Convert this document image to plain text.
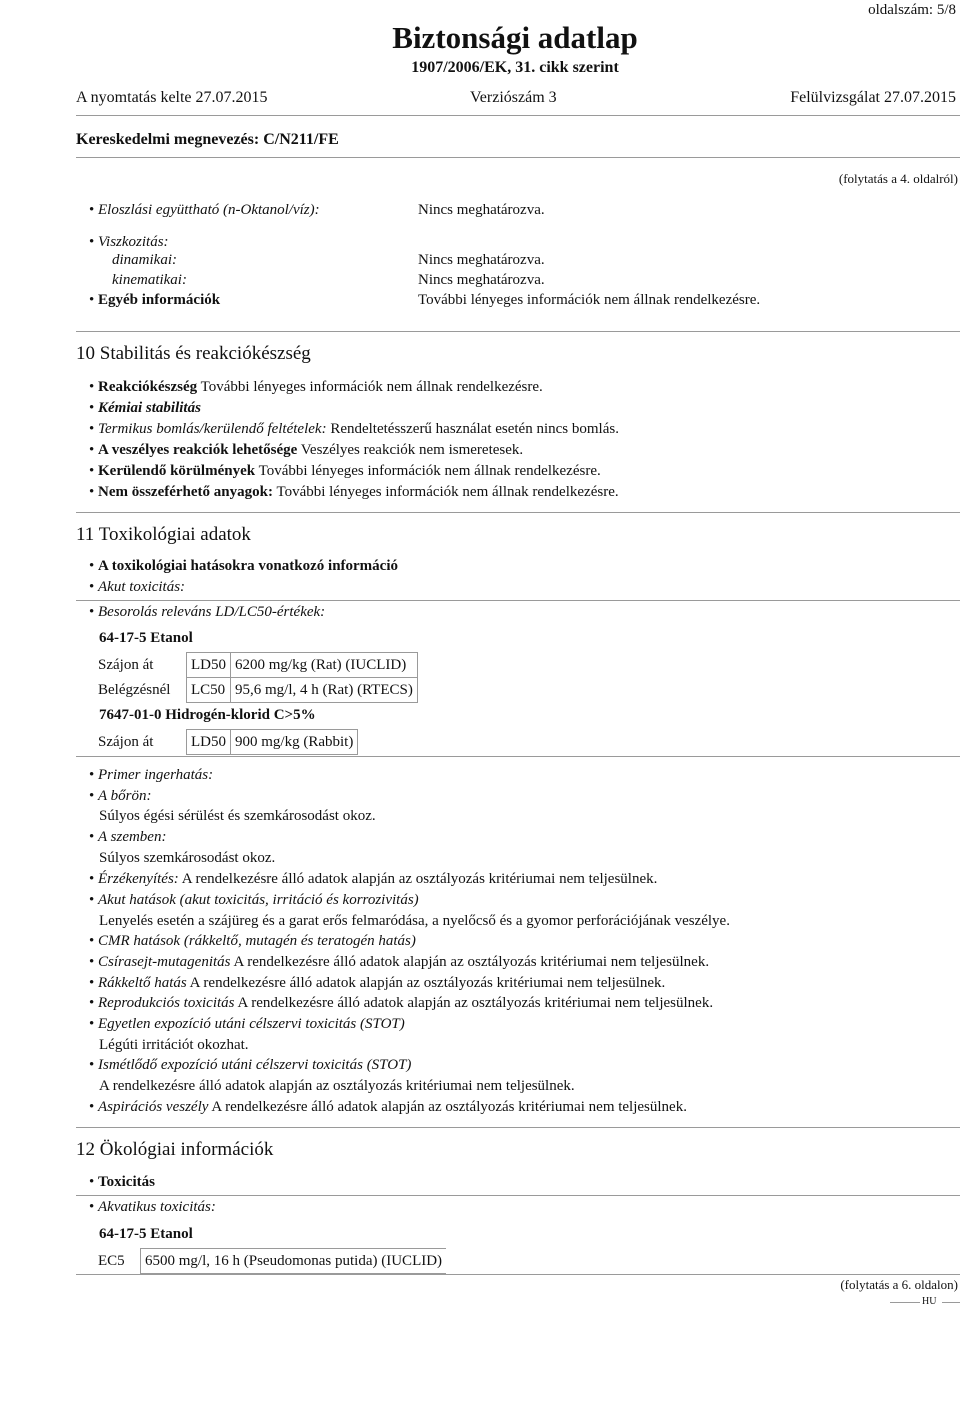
oldalszám: 5/8
Biztonsági adatlap
1907/2006/EK, 31. cikk szerint
A nyomtatás kelte 27.07.2015	Verziószám 3	Felülvizsgálat 27.07.2015
Kereskedelmi megnevezés: C/N211/FE
(folytatás a 4. oldalról)
• Eloszlási együttható (n-Oktanol/víz):	Nincs meghatározva.
• Viszkozitás:
dinamikai:	Nincs meghatározva.
kinematikai:	Nincs meghatározva.
• Egyéb információk	További lényeges információk nem állnak rendelkezésre.
10 Stabilitás és reakciókészség
• Reakciókészség További lényeges információk nem állnak rendelkezésre.
• Kémiai stabilitás
• Termikus bomlás/kerülendő feltételek: Rendeltetésszerű használat esetén nincs bomlás.
• A veszélyes reakciók lehetősége Veszélyes reakciók nem ismeretesek.
• Kerülendő körülmények További lényeges információk nem állnak rendelkezésre.
• Nem összeférhető anyagok: További lényeges információk nem állnak rendelkezésre.
11 Toxikológiai adatok
• A toxikológiai hatásokra vonatkozó információ
• Akut toxicitás:
• Besorolás releváns LD/LC50-értékek:
64-17-5 Etanol
Szájon át	LD50	6200 mg/kg (Rat) (IUCLID)
Belégzésnél	LC50	95,6 mg/l, 4 h (Rat) (RTECS)
7647-01-0 Hidrogén-klorid C>5%
Szájon át	LD50	900 mg/kg (Rabbit)
• Primer ingerhatás:
• A bőrön:
Súlyos égési sérülést és szemkárosodást okoz.
• A szemben:
Súlyos szemkárosodást okoz.
• Érzékenyítés: A rendelkezésre álló adatok alapján az osztályozás kritériumai nem teljesülnek.
• Akut hatások (akut toxicitás, irritáció és korrozivitás)
Lenyelés esetén a szájüreg és a garat erős felmaródása, a nyelőcső és a gyomor perforációjának veszélye.
• CMR hatások (rákkeltő, mutagén és teratogén hatás)
• Csírasejt-mutagenitás A rendelkezésre álló adatok alapján az osztályozás kritériumai nem teljesülnek.
• Rákkeltő hatás A rendelkezésre álló adatok alapján az osztályozás kritériumai nem teljesülnek.
• Reprodukciós toxicitás A rendelkezésre álló adatok alapján az osztályozás kritériumai nem teljesülnek.
• Egyetlen expozíció utáni célszervi toxicitás (STOT)
Légúti irritációt okozhat.
• Ismétlődő expozíció utáni célszervi toxicitás (STOT)
A rendelkezésre álló adatok alapján az osztályozás kritériumai nem teljesülnek.
• Aspirációs veszély A rendelkezésre álló adatok alapján az osztályozás kritériumai nem teljesülnek.
12 Ökológiai információk
• Toxicitás
• Akvatikus toxicitás:
64-17-5 Etanol
EC5	6500 mg/l, 16 h (Pseudomonas putida) (IUCLID)
(folytatás a 6. oldalon)
HU
